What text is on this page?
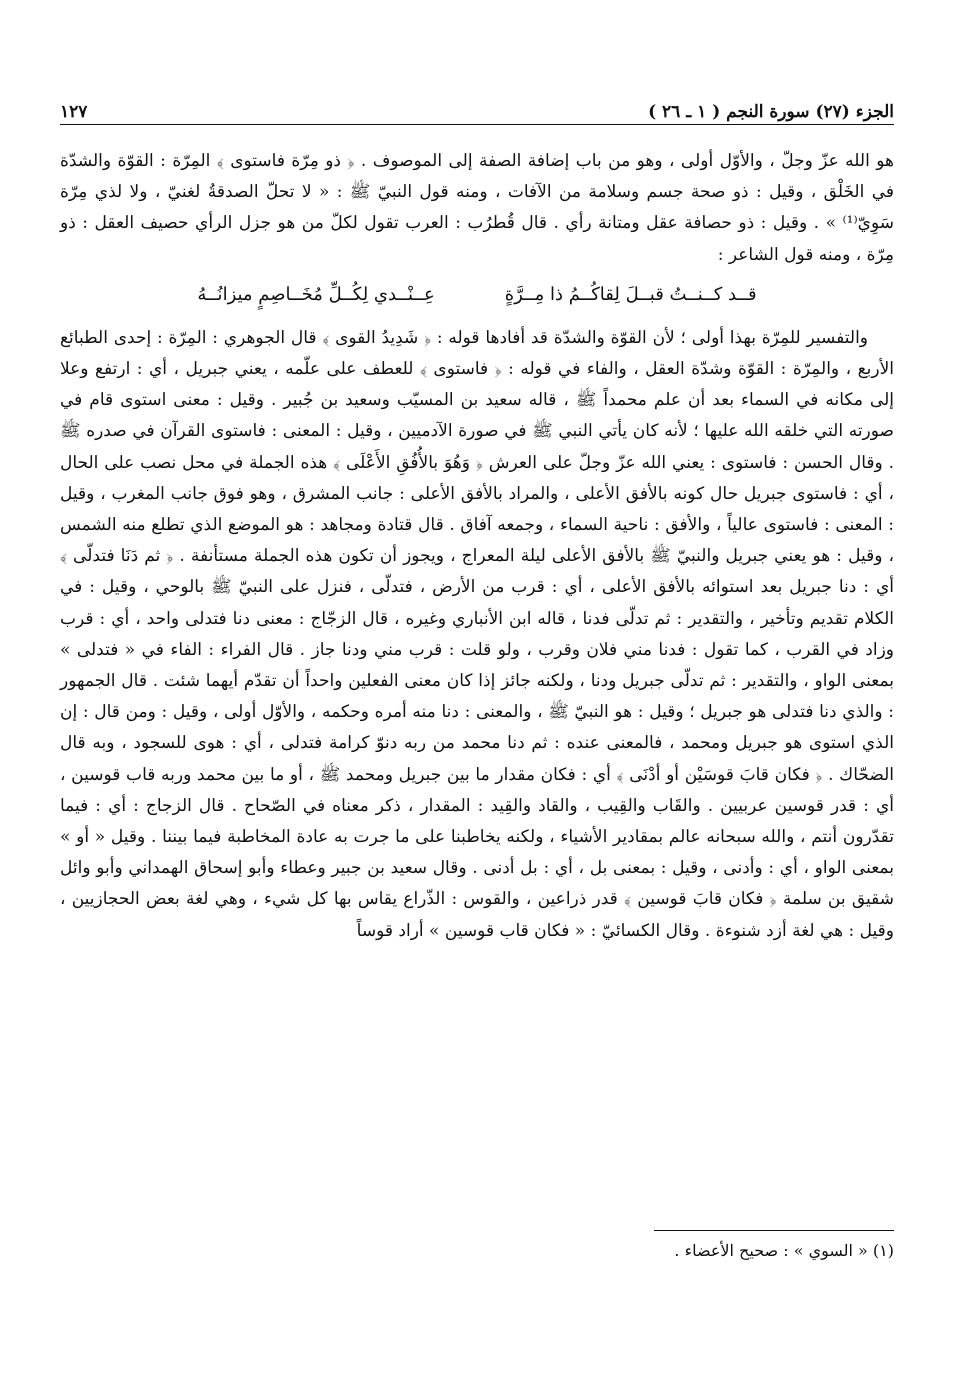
الجزء (٢٧) سورة النجم ( ١ ـ ٢٦ )
١٢٧

هو الله عزّ وجلّ ، والأوّل أولى ، وهو من باب إضافة الصفة إلى الموصوف . ﴿ ذو مِرّة فاستوى ﴾ المِرّة : القوّة والشدّة في الخَلْق ، وقيل : ذو صحة جسم وسلامة من الآفات ، ومنه قول النبيّ ﷺ : « لا تحلّ الصدقةُ لغنيّ ، ولا لذي مِرّة سَوِيّ⁽¹⁾ » . وقيل : ذو حصافة عقل ومتانة رأي . قال قُطرُب : العرب تقول لكلّ من هو جزل الرأي حصيف العقل : ذو مِرّة ، ومنه قول الشاعر :

قــد كــنــتُ قبــلَ لِقاكُــمُ ذا مِــرَّةٍ
عِــنْــدي لِكُــلِّ مُخَــاصِمٍ ميزانُــهُ

والتفسير للمِرّة بهذا أولى ؛ لأن القوّة والشدّة قد أفادها قوله : ﴿ شَدِيدُ القوى ﴾ قال الجوهري : المِرّة : إحدى الطبائع الأربع ، والمِرّة : القوّة وشدّة العقل ، والفاء في قوله : ﴿ فاستوى ﴾ للعطف على علّمه ، يعني جبريل ، أي : ارتفع وعلا إلى مكانه في السماء بعد أن علم محمداً ﷺ ، قاله سعيد بن المسيّب وسعيد بن جُبير . وقيل : معنى استوى قام في صورته التي خلقه الله عليها ؛ لأنه كان يأتي النبي ﷺ في صورة الآدميين ، وقيل : المعنى : فاستوى القرآن في صدره ﷺ . وقال الحسن : فاستوى : يعني الله عزّ وجلّ على العرش ﴿ وَهُوَ بالأُفُقِ الأَعْلَى ﴾ هذه الجملة في محل نصب على الحال ، أي : فاستوى جبريل حال كونه بالأفق الأعلى ، والمراد بالأفق الأعلى : جانب المشرق ، وهو فوق جانب المغرب ، وقيل : المعنى : فاستوى عالياً ، والأفق : ناحية السماء ، وجمعه آفاق . قال قتادة ومجاهد : هو الموضع الذي تطلع منه الشمس ، وقيل : هو يعني جبريل والنبيّ ﷺ بالأفق الأعلى ليلة المعراج ، ويجوز أن تكون هذه الجملة مستأنفة . ﴿ ثم دَنَا فتدلّى ﴾ أي : دنا جبريل بعد استوائه بالأفق الأعلى ، أي : قرب من الأرض ، فتدلّى ، فنزل على النبيّ ﷺ بالوحي ، وقيل : في الكلام تقديم وتأخير ، والتقدير : ثم تدلّى فدنا ، قاله ابن الأنباري وغيره ، قال الزجّاج : معنى دنا فتدلى واحد ، أي : قرب وزاد في القرب ، كما تقول : فدنا مني فلان وقرب ، ولو قلت : قرب مني ودنا جاز . قال الفراء : الفاء في « فتدلى » بمعنى الواو ، والتقدير : ثم تدلّى جبريل ودنا ، ولكنه جائز إذا كان معنى الفعلين واحداً أن تقدّم أيهما شئت . قال الجمهور : والذي دنا فتدلى هو جبريل ؛ وقيل : هو النبيّ ﷺ ، والمعنى : دنا منه أمره وحكمه ، والأوّل أولى ، وقيل : ومن قال : إن الذي استوى هو جبريل ومحمد ، فالمعنى عنده : ثم دنا محمد من ربه دنوّ كرامة فتدلى ، أي : هوى للسجود ، وبه قال الضحّاك . ﴿ فكان قابَ قوسَيْن أو أدْنَى ﴾ أي : فكان مقدار ما بين جبريل ومحمد ﷺ ، أو ما بين محمد وربه قاب قوسين ، أي : قدر قوسين عربيين . والقَاب والقِيب ، والقاد والقِيد : المقدار ، ذكر معناه في الصّحاح . قال الزجاج : أي : فيما تقدّرون أنتم ، والله سبحانه عالم بمقادير الأشياء ، ولكنه يخاطبنا على ما جرت به عادة المخاطبة فيما بيننا . وقيل « أو » بمعنى الواو ، أي : وأدنى ، وقيل : بمعنى بل ، أي : بل أدنى . وقال سعيد بن جبير وعطاء وأبو إسحاق الهمداني وأبو وائل شقيق بن سلمة ﴿ فكان قابَ قوسين ﴾ قدر ذراعين ، والقوس : الذّراع يقاس بها كل شيء ، وهي لغة بعض الحجازيين ، وقيل : هي لغة أزد شنوءة . وقال الكسائيّ : « فكان قاب قوسين » أراد قوساً

(١) « السوي » : صحيح الأعضاء .
